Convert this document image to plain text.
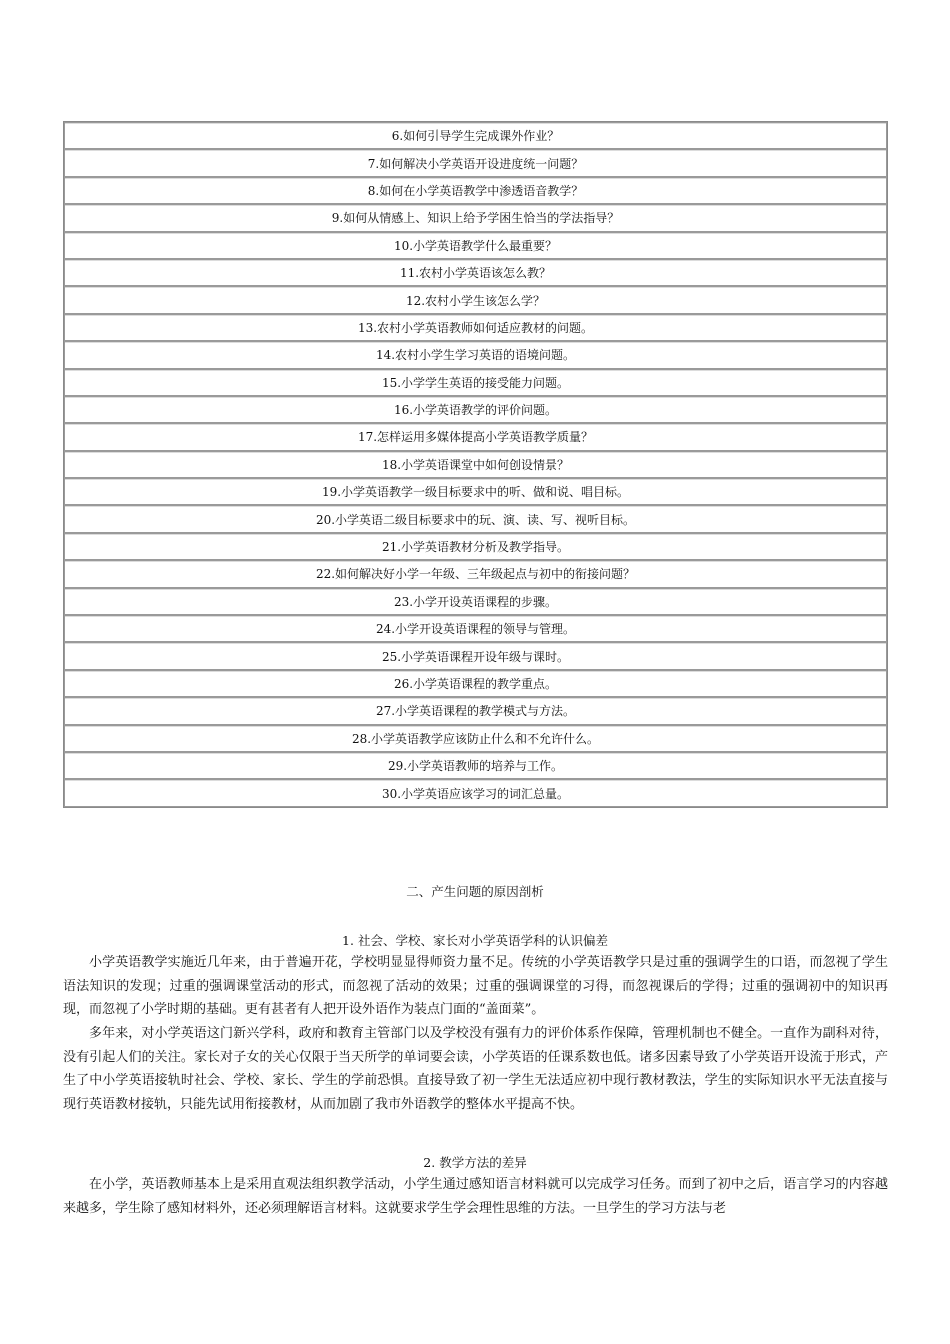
6.如何引导学生完成课外作业？
7.如何解决小学英语开设进度统一问题？
8.如何在小学英语教学中渗透语音教学？
9.如何从情感上、知识上给予学困生恰当的学法指导？
10.小学英语教学什么最重要？
11.农村小学英语该怎么教？
12.农村小学生该怎么学？
13.农村小学英语教师如何适应教材的问题。
14.农村小学生学习英语的语境问题。
15.小学学生英语的接受能力问题。
16.小学英语教学的评价问题。
17.怎样运用多媒体提高小学英语教学质量？
18.小学英语课堂中如何创设情景？
19.小学英语教学一级目标要求中的听、做和说、唱目标。
20.小学英语二级目标要求中的玩、演、读、写、视听目标。
21.小学英语教材分析及教学指导。
22.如何解决好小学一年级、三年级起点与初中的衔接问题？
23.小学开设英语课程的步骤。
24.小学开设英语课程的领导与管理。
25.小学英语课程开设年级与课时。
26.小学英语课程的教学重点。
27.小学英语课程的教学模式与方法。
28.小学英语教学应该防止什么和不允许什么。
29.小学英语教师的培养与工作。
30.小学英语应该学习的词汇总量。
二、产生问题的原因剖析
1. 社会、学校、家长对小学英语学科的认识偏差

小学英语教学实施近几年来，由于普遍开花，学校明显显得师资力量不足。传统的小学英语教学只是过重的强调学生的口语，而忽视了学生语法知识的发现；过重的强调课堂活动的形式，而忽视了活动的效果；过重的强调课堂的习得，而忽视课后的学得；过重的强调初中的知识再现，而忽视了小学时期的基础。更有甚者有人把开设外语作为装点门面的“盖面菜”。

多年来，对小学英语这门新兴学科，政府和教育主管部门以及学校没有强有力的评价体系作保障，管理机制也不健全。一直作为副科对待，没有引起人们的关注。家长对子女的关心仅限于当天所学的单词要会读，小学英语的任课系数也低。诸多因素导致了小学英语开设流于形式，产生了中小学英语接轨时社会、学校、家长、学生的学前恐惧。直接导致了初一学生无法适应初中现行教材教法，学生的实际知识水平无法直接与现行英语教材接轨，只能先试用衔接教材，从而加剧了我市外语教学的整体水平提高不快。

2. 教学方法的差异

在小学，英语教师基本上是采用直观法组织教学活动，小学生通过感知语言材料就可以完成学习任务。而到了初中之后，语言学习的内容越来越多，学生除了感知材料外，还必须理解语言材料。这就要求学生学会理性思维的方法。一旦学生的学习方法与老
